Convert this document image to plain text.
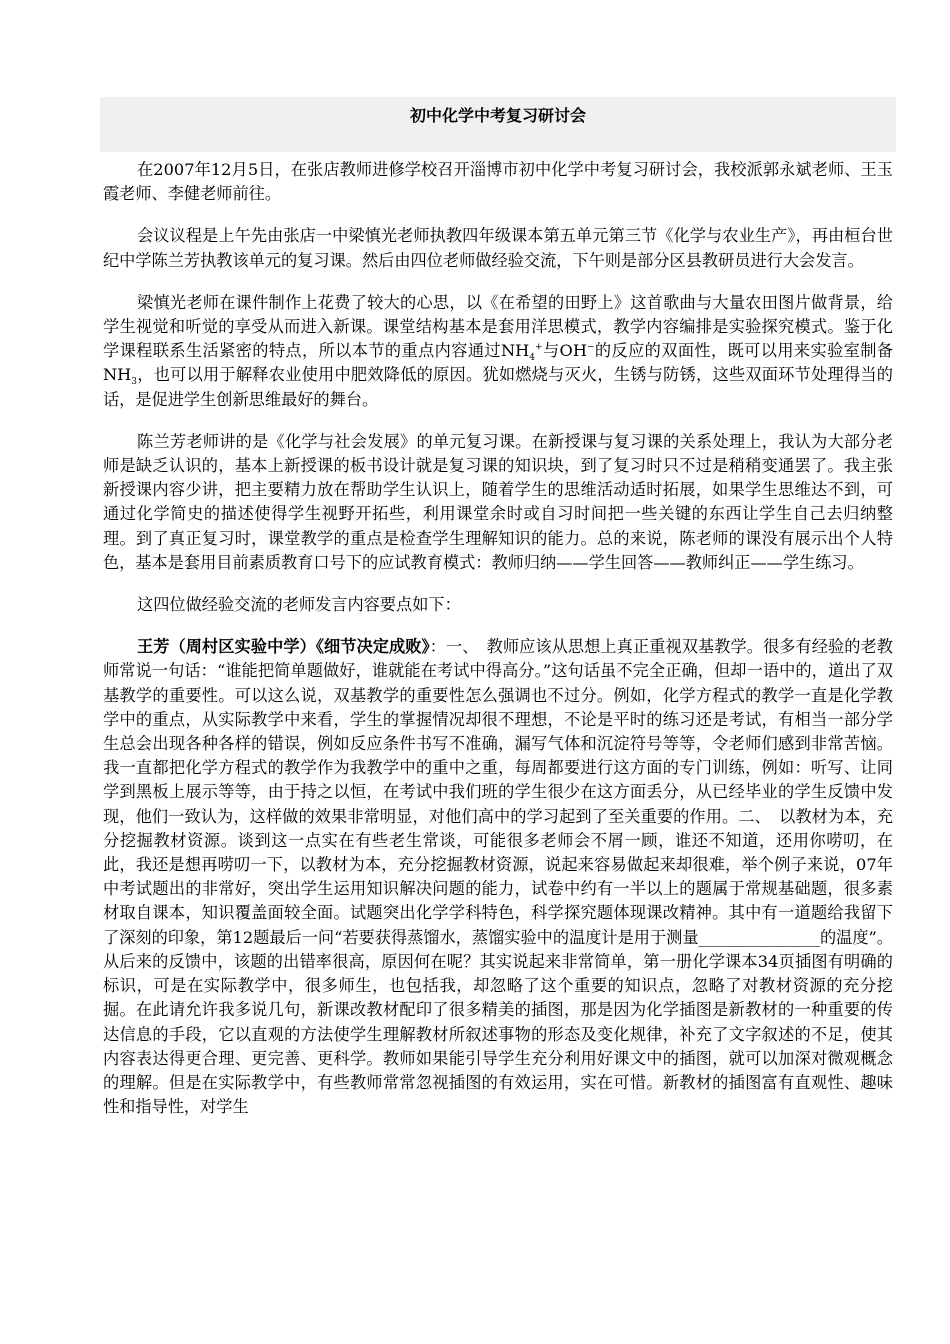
初中化学中考复习研讨会

在2007年12月5日，在张店教师进修学校召开淄博市初中化学中考复习研讨会，我校派郭永斌老师、王玉霞老师、李健老师前往。

会议议程是上午先由张店一中梁慎光老师执教四年级课本第五单元第三节《化学与农业生产》，再由桓台世纪中学陈兰芳执教该单元的复习课。然后由四位老师做经验交流，下午则是部分区县教研员进行大会发言。

梁慎光老师在课件制作上花费了较大的心思，以《在希望的田野上》这首歌曲与大量农田图片做背景，给学生视觉和听觉的享受从而进入新课。课堂结构基本是套用洋思模式，教学内容编排是实验探究模式。鉴于化学课程联系生活紧密的特点，所以本节的重点内容通过$NH_4^+$与OH−的反应的双面性，既可以用来实验室制备$NH_3$，也可以用于解释农业使用中肥效降低的原因。犹如燃烧与灭火，生锈与防锈，这些双面环节处理得当的话，是促进学生创新思维最好的舞台。

陈兰芳老师讲的是《化学与社会发展》的单元复习课。在新授课与复习课的关系处理上，我认为大部分老师是缺乏认识的，基本上新授课的板书设计就是复习课的知识块，到了复习时只不过是稍稍变通罢了。我主张新授课内容少讲，把主要精力放在帮助学生认识上，随着学生的思维活动适时拓展，如果学生思维达不到，可通过化学简史的描述使得学生视野开拓些，利用课堂余时或自习时间把一些关键的东西让学生自己去归纳整理。到了真正复习时，课堂教学的重点是检查学生理解知识的能力。总的来说，陈老师的课没有展示出个人特色，基本是套用目前素质教育口号下的应试教育模式：教师归纳——学生回答——教师纠正——学生练习。

这四位做经验交流的老师发言内容要点如下：

王芳（周村区实验中学）《细节决定成败》：一、　教师应该从思想上真正重视双基教学。很多有经验的老教师常说一句话：“谁能把简单题做好，谁就能在考试中得高分。”这句话虽不完全正确，但却一语中的，道出了双基教学的重要性。可以这么说，双基教学的重要性怎么强调也不过分。例如，化学方程式的教学一直是化学教学中的重点，从实际教学中来看，学生的掌握情况却很不理想，不论是平时的练习还是考试，有相当一部分学生总会出现各种各样的错误，例如反应条件书写不准确，漏写气体和沉淀符号等等，令老师们感到非常苦恼。我一直都把化学方程式的教学作为我教学中的重中之重，每周都要进行这方面的专门训练，例如：听写、让同学到黑板上展示等等，由于持之以恒，在考试中我们班的学生很少在这方面丢分，从已经毕业的学生反馈中发现，他们一致认为，这样做的效果非常明显，对他们高中的学习起到了至关重要的作用。二、　以教材为本，充分挖掘教材资源。谈到这一点实在有些老生常谈，可能很多老师会不屑一顾，谁还不知道，还用你唠叨，在此，我还是想再唠叨一下，以教材为本，充分挖掘教材资源，说起来容易做起来却很难，举个例子来说，07年中考试题出的非常好，突出学生运用知识解决问题的能力，试卷中约有一半以上的题属于常规基础题，很多素材取自课本，知识覆盖面较全面。试题突出化学学科特色，科学探究题体现课改精神。其中有一道题给我留下了深刻的印象，第12题最后一问“若要获得蒸馏水，蒸馏实验中的温度计是用于测量_______________的温度”。从后来的反馈中，该题的出错率很高，原因何在呢？其实说起来非常简单，第一册化学课本34页插图有明确的标识，可是在实际教学中，很多师生，也包括我，却忽略了这个重要的知识点，忽略了对教材资源的充分挖掘。在此请允许我多说几句，新课改教材配印了很多精美的插图，那是因为化学插图是新教材的一种重要的传达信息的手段，它以直观的方法使学生理解教材所叙述事物的形态及变化规律，补充了文字叙述的不足，使其内容表达得更合理、更完善、更科学。教师如果能引导学生充分利用好课文中的插图，就可以加深对微观概念的理解。但是在实际教学中，有些教师常常忽视插图的有效运用，实在可惜。新教材的插图富有直观性、趣味性和指导性，对学生
